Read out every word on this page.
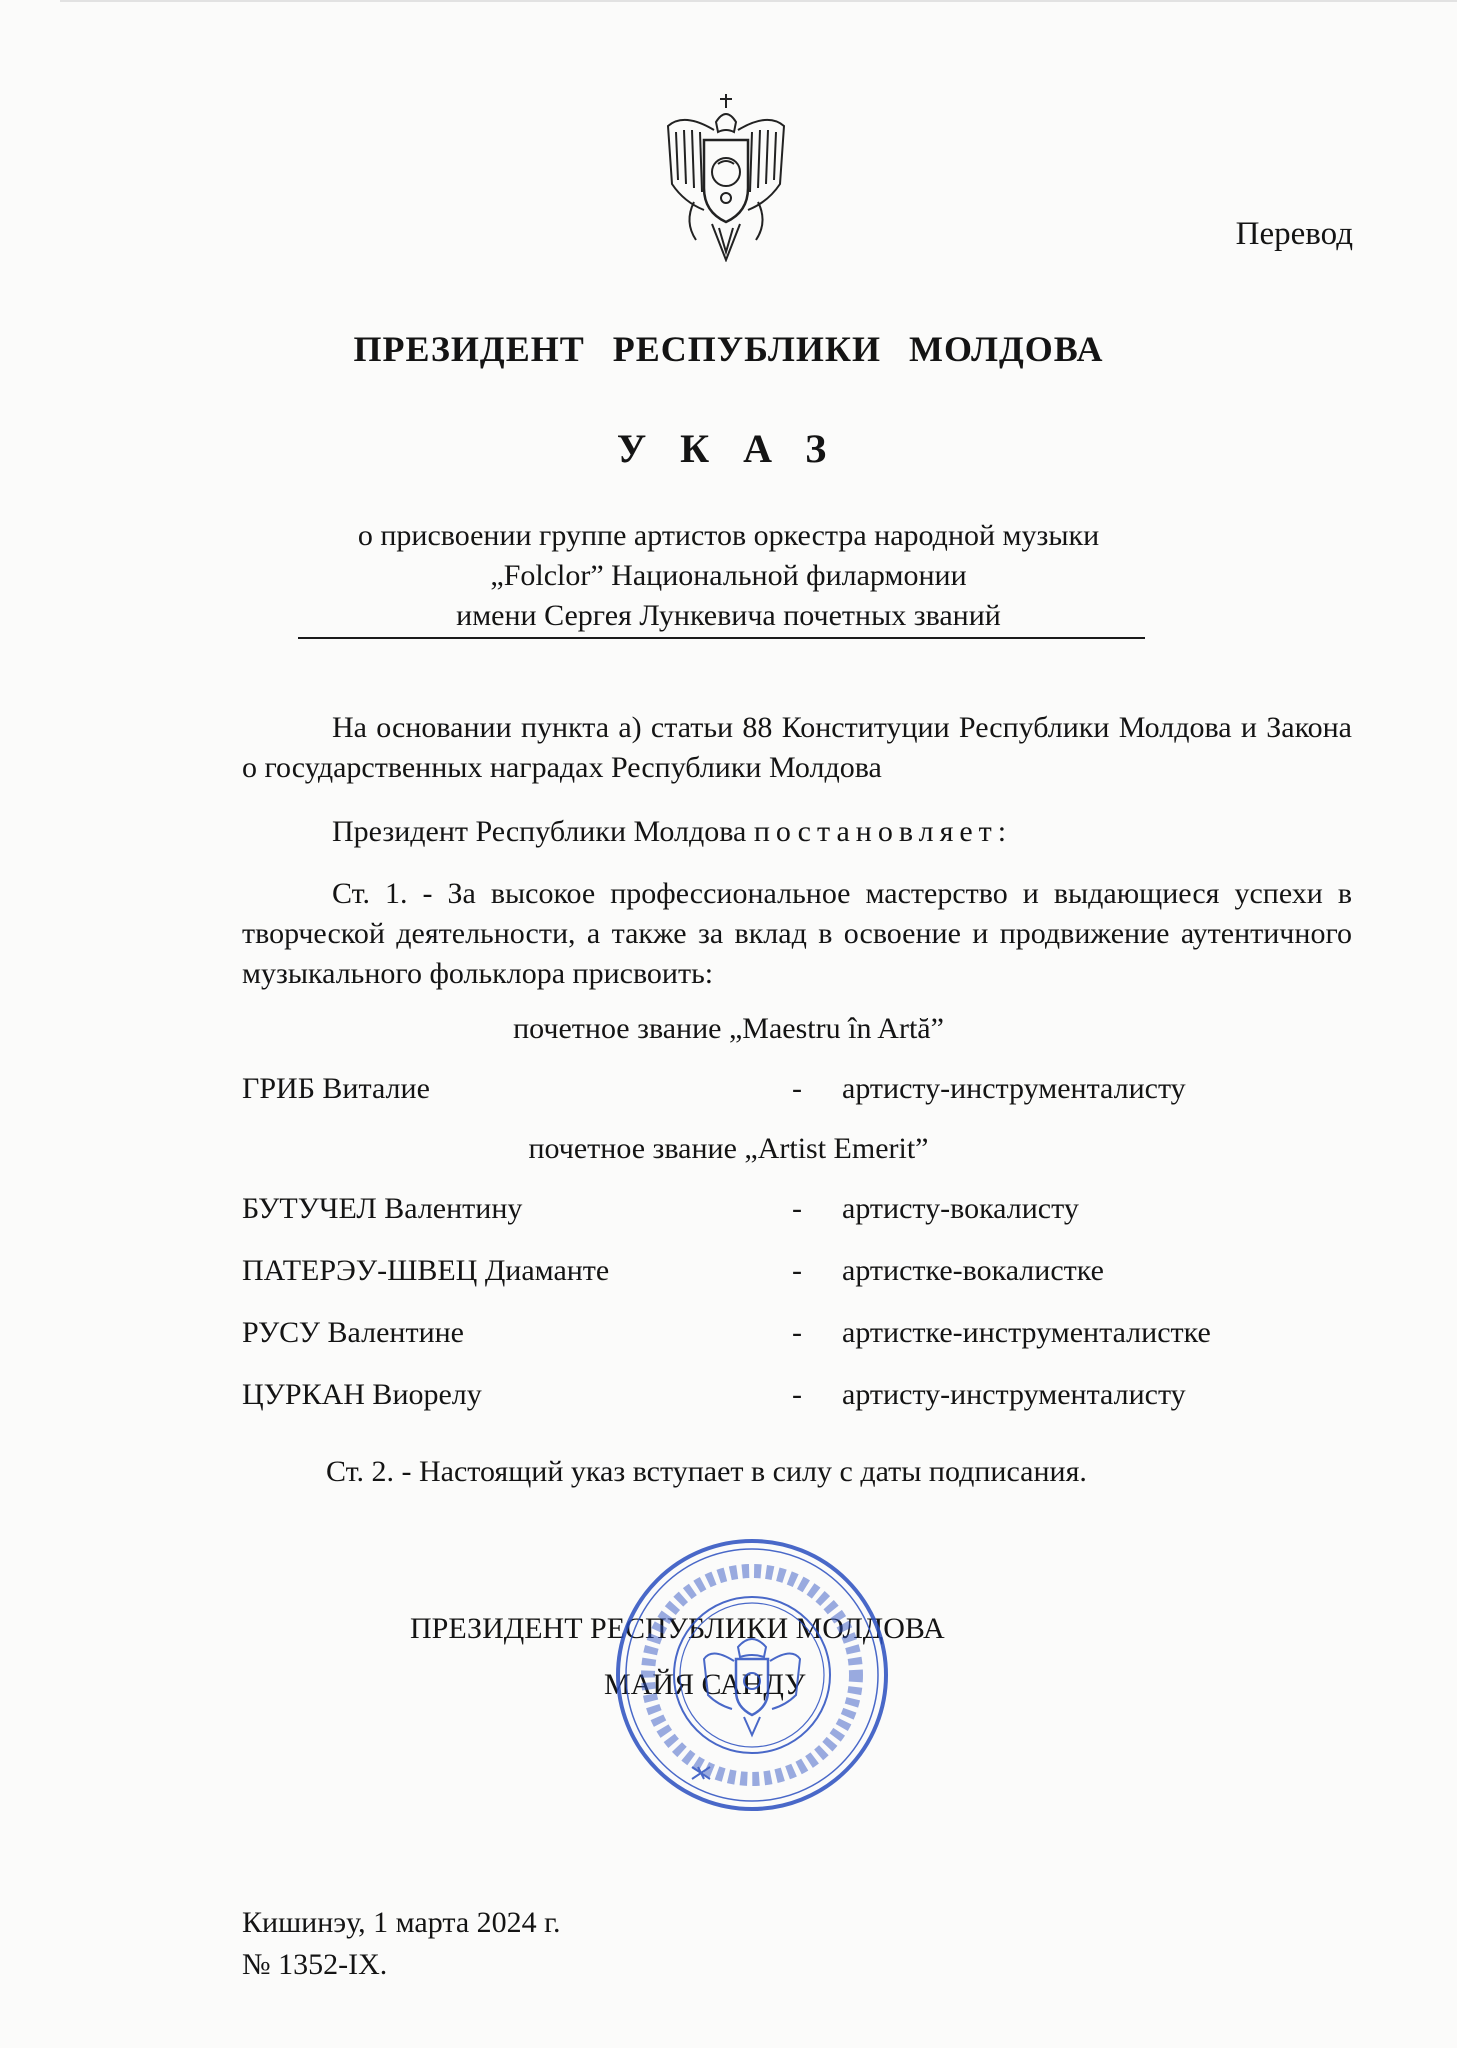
Перевод
ПРЕЗИДЕНТ РЕСПУБЛИКИ МОЛДОВА
УКАЗ
о присвоении группе артистов оркестра народной музыки
„Folclor” Национальной филармонии
имени Сергея Лункевича почетных званий
На основании пункта а) статьи 88 Конституции Республики Молдова и Закона о государственных наградах Республики Молдова
Президент Республики Молдова постановляет:
Ст. 1. - За высокое профессиональное мастерство и выдающиеся успехи в творческой деятельности, а также за вклад в освоение и продвижение аутентичного музыкального фольклора присвоить:
почетное звание „Maestru în Artă”
ГРИБ Виталие	- артисту-инструменталисту
почетное звание „Artist Emerit”
БУТУЧЕЛ Валентину	- артисту-вокалисту
ПАТЕРЭУ-ШВЕЦ Диаманте	- артистке-вокалистке
РУСУ Валентине	- артистке-инструменталистке
ЦУРКАН Виорелу	- артисту-инструменталисту
Ст. 2. - Настоящий указ вступает в силу с даты подписания.
ПРЕЗИДЕНТ РЕСПУБЛИКИ МОЛДОВА
МАЙЯ САНДУ
Кишинэу, 1 марта 2024 г.
№ 1352-IX.
